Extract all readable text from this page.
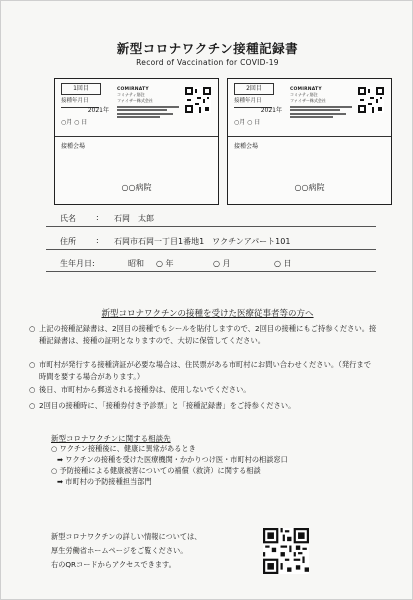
新型コロナワクチン接種記録書
Record of Vaccination for COVID-19
1回目
接種年月日
2021年
○月 ○ 日
COMIRNATY
コミナティ筋注
ファイザー株式会社
接種会場
○○病院
2回目
接種年月日
2021年
○月 ○ 日
COMIRNATY
コミナティ筋注
ファイザー株式会社
接種会場
○○病院
氏名	: 石岡　太郎
住所	: 石岡市石岡一丁目1番地1　ワクチンアパート101
生年月日:	昭和 ○ 年	○ 月	○ 日
新型コロナワクチンの接種を受けた医療従事者等の方へ
○ 上記の接種記録書は、2回目の接種でもシールを貼付しますので、2回目の接種にもご持参ください。接種記録書は、接種の証明となりますので、大切に保管してください。
○ 市町村が発行する接種済証が必要な場合は、住民票がある市町村にお問い合わせください。（発行まで時間を要する場合があります。）
○ 後日、市町村から郵送される接種券は、使用しないでください。
○ 2回目の接種時に、「接種券付き予診票」と「接種記録書」をご持参ください。
新型コロナワクチンに関する相談先
○ ワクチン接種後に、健康に異常があるとき
➡ ワクチンの接種を受けた医療機関・かかりつけ医・市町村の相談窓口
○ 予防接種による健康被害についての補償（救済）に関する相談
➡ 市町村の予防接種担当部門
新型コロナワクチンの詳しい情報については、
厚生労働省ホームページをご覧ください。
右のQRコードからアクセスできます。
